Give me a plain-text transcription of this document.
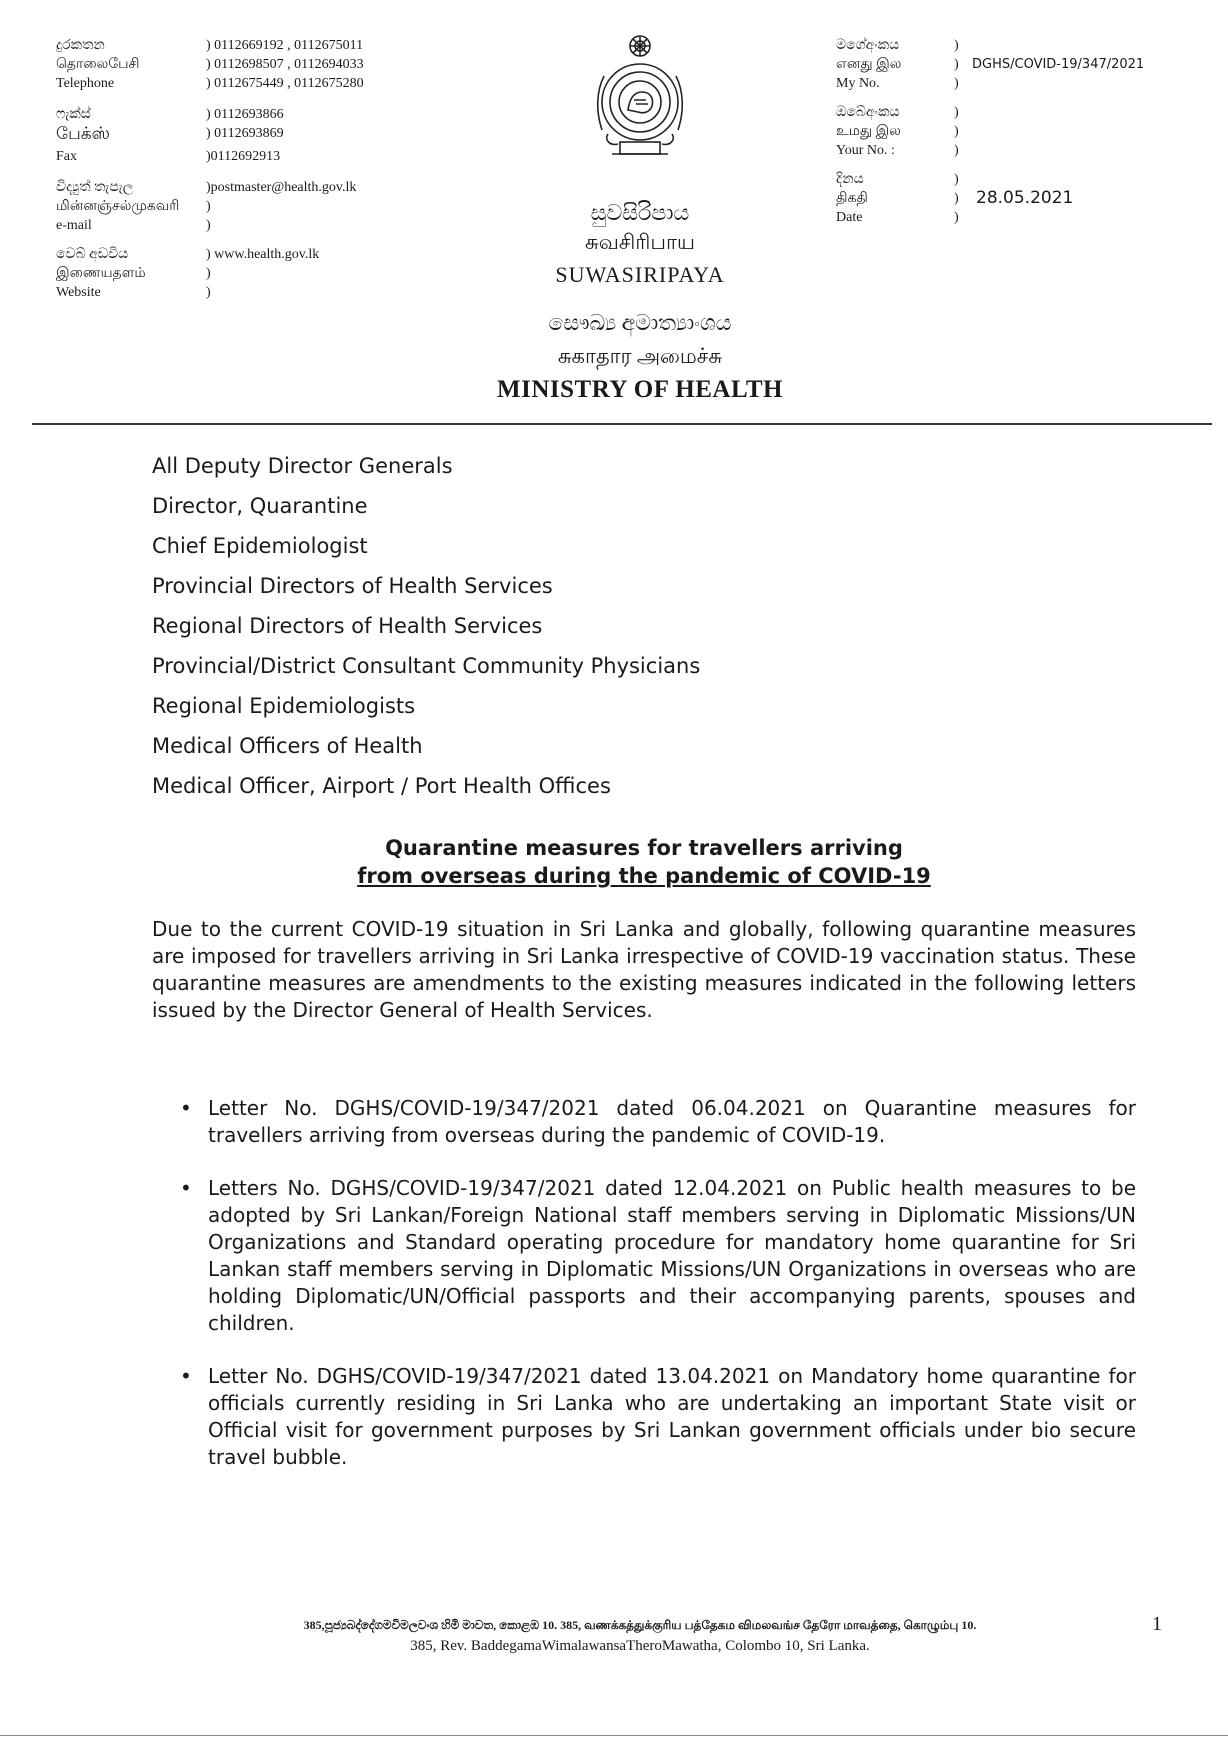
දුරකතන
தொலைபேசி
Telephone
) 0112669192 , 0112675011
) 0112698507 , 0112694033
) 0112675449 , 0112675280
ෆැක්ස්
பேக்ஸ்
Fax
) 0112693866
) 0112693869
)0112692913
විද්‍යුත් තැපැල
மின்னஞ்சல்முகவரி
e-mail
)postmaster@health.gov.lk
)
)
වෙබ් අඩවිය
இணையதளம்
Website
) www.health.gov.lk
)
)
සුවසිරිපාය
சுவசிரிபாய
SUWASIRIPAYA
සෞඛ්‍ය අමාත්‍යාංශය
சுகாதார அமைச்சு
MINISTRY OF HEALTH
මගේඅංකය
எனது இல
My No.
)
)
)
DGHS/COVID-19/347/2021
ඔබේඅංකය
உமது இல
Your No. :
)
)
)
දිනය
திகதி
Date
)
)
)
28.05.2021
All Deputy Director Generals
Director, Quarantine
Chief Epidemiologist
Provincial Directors of Health Services
Regional Directors of Health Services
Provincial/District Consultant Community Physicians
Regional Epidemiologists
Medical Officers of Health
Medical Officer, Airport / Port Health Offices
Quarantine measures for travellers arriving
from overseas during the pandemic of COVID-19
Due to the current COVID-19 situation in Sri Lanka and globally, following quarantine measures are imposed for travellers arriving in Sri Lanka irrespective of COVID-19 vaccination status. These quarantine measures are amendments to the existing measures indicated in the following letters issued by the Director General of Health Services.
• Letter No. DGHS/COVID-19/347/2021 dated 06.04.2021 on Quarantine measures for travellers arriving from overseas during the pandemic of COVID-19.
• Letters No. DGHS/COVID-19/347/2021 dated 12.04.2021 on Public health measures to be adopted by Sri Lankan/Foreign National staff members serving in Diplomatic Missions/UN Organizations and Standard operating procedure for mandatory home quarantine for Sri Lankan staff members serving in Diplomatic Missions/UN Organizations in overseas who are holding Diplomatic/UN/Official passports and their accompanying parents, spouses and children.
• Letter No. DGHS/COVID-19/347/2021 dated 13.04.2021 on Mandatory home quarantine for officials currently residing in Sri Lanka who are undertaking an important State visit or Official visit for government purposes by Sri Lankan government officials under bio secure travel bubble.
385,පූජ්‍යබද්දේගමවිමලවංශ හිමි මාවත, කොළඹ 10. 385, வணக்கத்துக்குரிய பத்தேகம விமலவங்ச தேரோ மாவத்தை, கொழும்பு 10.
385, Rev. BaddegamaWimalawansaTheroMawatha, Colombo 10, Sri Lanka.
1
